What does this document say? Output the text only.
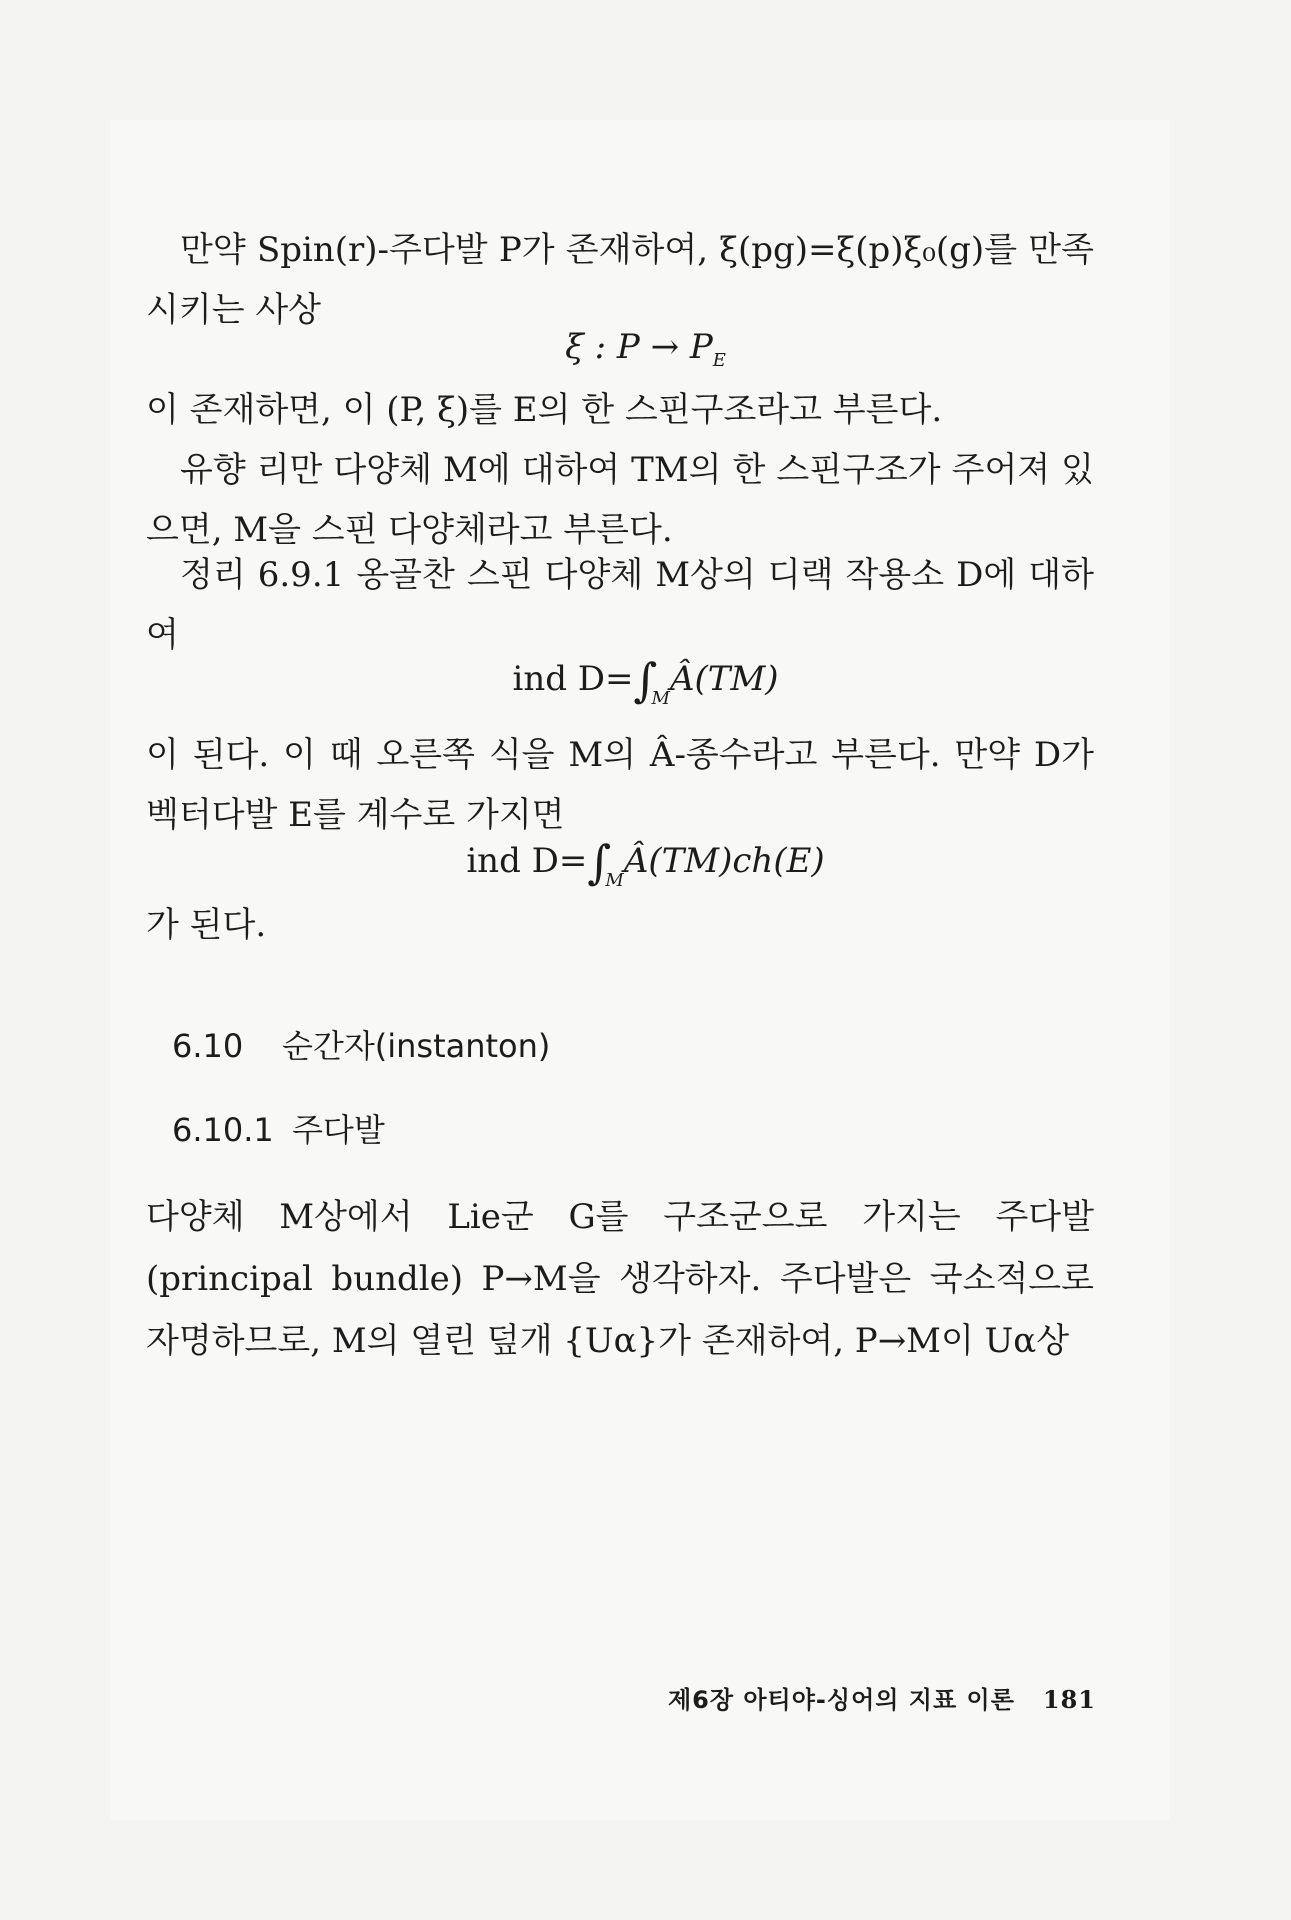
만약 Spin(r)-주다발 P가 존재하여, ξ(pg)=ξ(p)ξ₀(g)를 만족시키는 사상

ξ : $P \to P_E$

이 존재하면, 이 (P, ξ)를 E의 한 스핀구조라고 부른다.

유향 리만 다양체 M에 대하여 TM의 한 스핀구조가 주어져 있으면, M을 스핀 다양체라고 부른다.

정리 6.9.1 옹골찬 스핀 다양체 M상의 디랙 작용소 D에 대하여

ind $D=\int_MÂ(TM)$

이 된다. 이 때 오른쪽 식을 M의 Â-종수라고 부른다. 만약 D가 벡터다발 E를 계수로 가지면

ind $D=\int_MÂ(TM)ch(E)$

가 된다.

6.10 순간자(instanton)
6.10.1 주다발

다양체 M상에서 Lie군 G를 구조군으로 가지는 주다발 (principal bundle) P→M을 생각하자. 주다발은 국소적으로 자명하므로, M의 열린 덮개 {Uα}가 존재하여, P→M이 Uα상

제6장 아티야-싱어의 지표 이론 181
